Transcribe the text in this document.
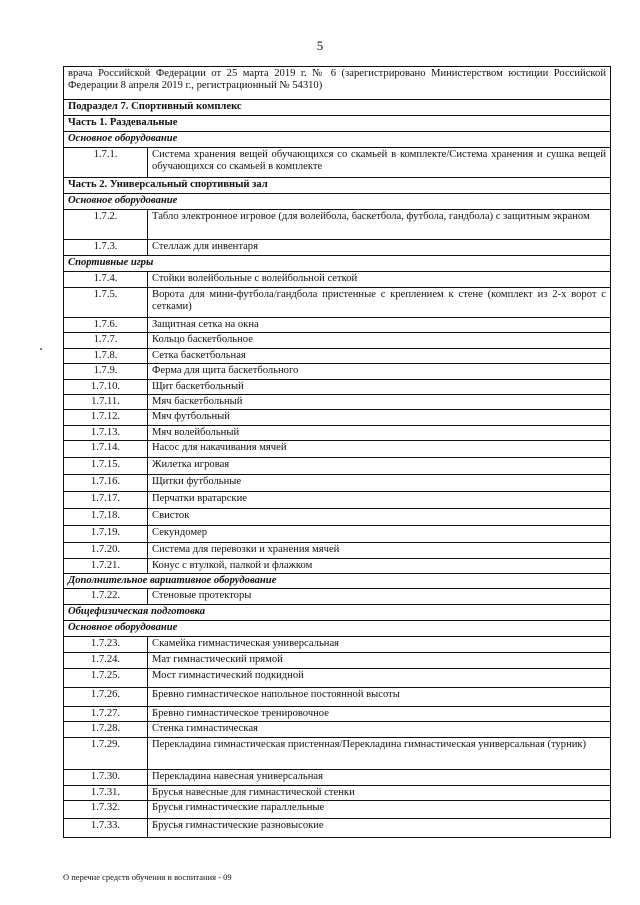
5
врача Российской Федерации от 25 марта 2019 г. № 6 (зарегистрировано Министерством юстиции Российской Федерации 8 апреля 2019 г., регистрационный № 54310)	
Подраздел 7. Спортивный комплекс	
Часть 1. Раздевальные	
Основное оборудование	
1.7.1.	Система хранения вещей обучающихся со скамьей в комплекте/Система хранения и сушка вещей обучающихся со скамьей в комплекте
Часть 2. Универсальный спортивный зал	
Основное оборудование	
1.7.2.	Табло электронное игровое (для волейбола, баскетбола, футбола, гандбола) с защитным экраном
1.7.3.	Стеллаж для инвентаря
Спортивные игры	
1.7.4.	Стойки волейбольные с волейбольной сеткой
1.7.5.	Ворота для мини-футбола/гандбола пристенные с креплением к стене (комплект из 2-х ворот с сетками)
1.7.6.	Защитная сетка на окна
1.7.7.	Кольцо баскетбольное
1.7.8.	Сетка баскетбольная
1.7.9.	Ферма для щита баскетбольного
1.7.10.	Щит баскетбольный
1.7.11.	Мяч баскетбольный
1.7.12.	Мяч футбольный
1.7.13.	Мяч волейбольный
1.7.14.	Насос для накачивания мячей
1.7.15.	Жилетка игровая
1.7.16.	Щитки футбольные
1.7.17.	Перчатки вратарские
1.7.18.	Свисток
1.7.19.	Секундомер
1.7.20.	Система для перевозки и хранения мячей
1.7.21.	Конус с втулкой, палкой и флажком
Дополнительное вариативное оборудование	
1.7.22.	Стеновые протекторы
Общефизическая подготовка	
Основное оборудование	
1.7.23.	Скамейка гимнастическая универсальная
1.7.24.	Мат гимнастический прямой
1.7.25.	Мост гимнастический подкидной
1.7.26.	Бревно гимнастическое напольное постоянной высоты
1.7.27.	Бревно гимнастическое тренировочное
1.7.28.	Стенка гимнастическая
1.7.29.	Перекладина гимнастическая пристенная/Перекладина гимнастическая универсальная (турник)
1.7.30.	Перекладина навесная универсальная
1.7.31.	Брусья навесные для гимнастической стенки
1.7.32.	Брусья гимнастические параллельные
1.7.33.	Брусья гимнастические разновысокие
О перечне средств обучения и воспитания - 09
